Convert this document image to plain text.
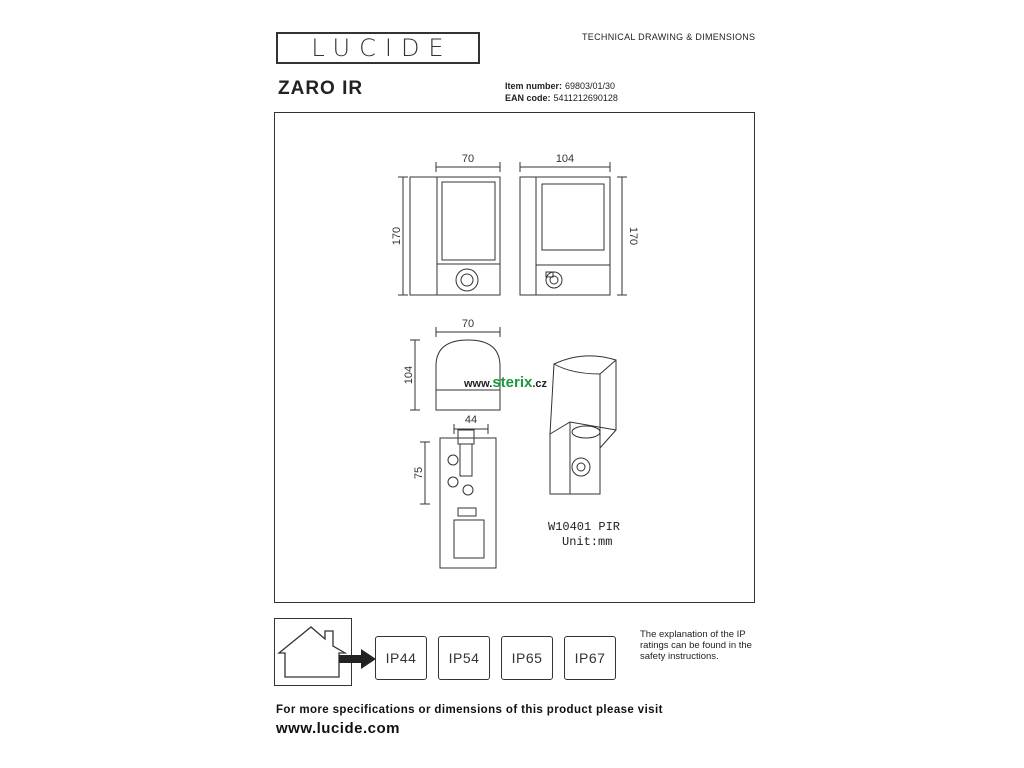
LUCIDE	TECHNICAL DRAWING & DIMENSIONS
ZARO IR	Item number: 69803/01/30
EAN code: 5411212690128
70
170
104
170
70
104
44
75
www.sterix.cz
W10401 PIR
Unit:mm
IP44	IP54	IP65	IP67
The explanation of the IP ratings can be found in the safety instructions.
For more specifications or dimensions of this product please visit
www.lucide.com
